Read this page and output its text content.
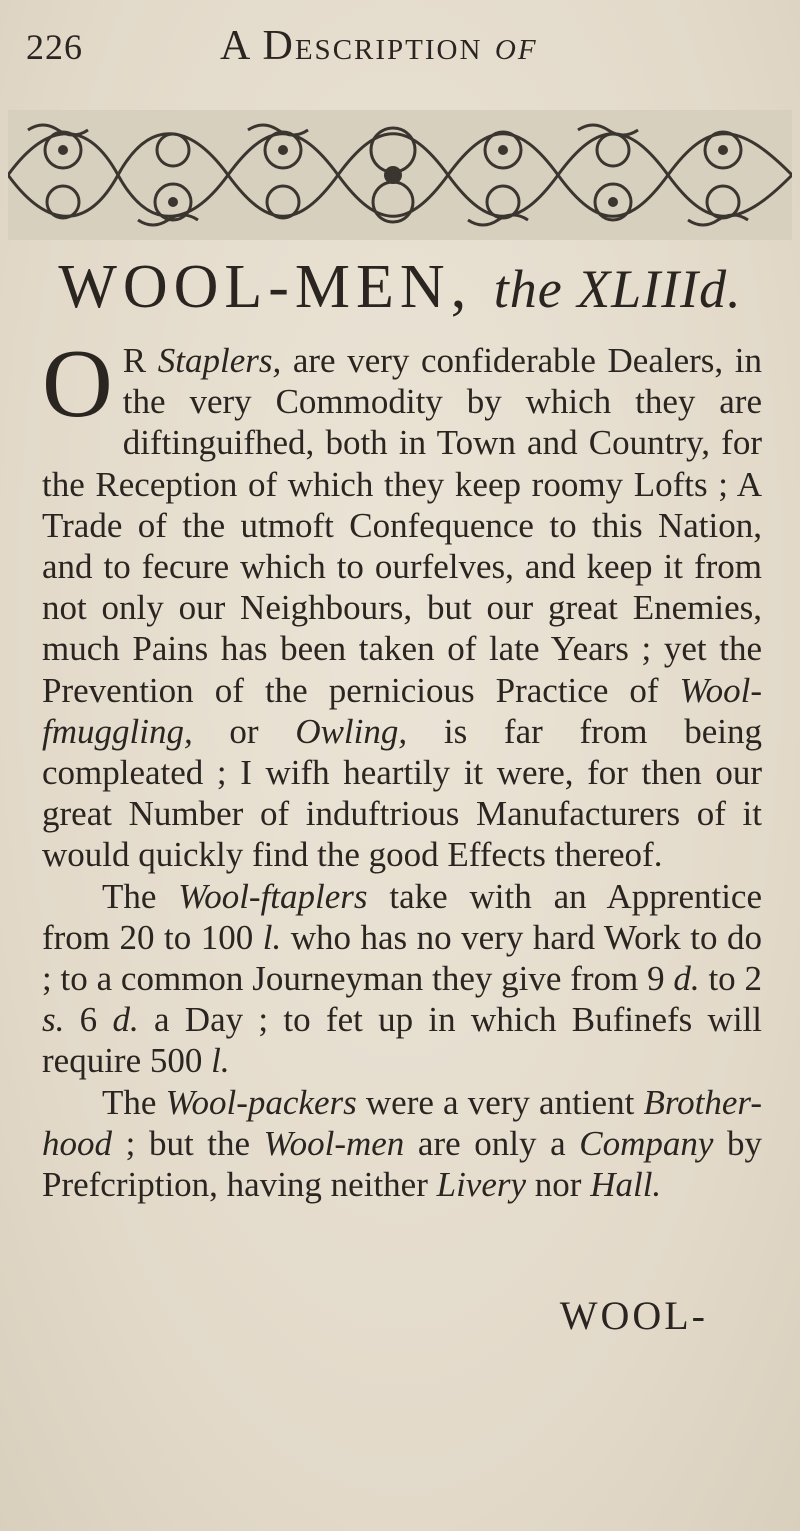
226	A Description of
WOOL-MEN, the XLIIId.

O R Staplers, are very confiderable Dealers, in the very Commodity by which they are diftinguifhed, both in Town and Country, for the Reception of which they keep roomy Lofts ; A Trade of the utmoft Confequence to this Nation, and to fecure which to ourfelves, and keep it from not only our Neighbours, but our great Enemies, much Pains has been taken of late Years ; yet the Prevention of the pernicious Practice of Wool-fmuggling, or Owling, is far from being compleated ; I wifh heartily it were, for then our great Number of induftrious Manufacturers of it would quickly find the good Effects thereof.

The Wool-ftaplers take with an Apprentice from 20 to 100 l. who has no very hard Work to do ; to a common Journeyman they give from 9 d. to 2 s. 6 d. a Day ; to fet up in which Bufinefs will require 500 l.

The Wool-packers were a very antient Brother-hood ; but the Wool-men are only a Company by Prefcription, having neither Livery nor Hall.

WOOL-
